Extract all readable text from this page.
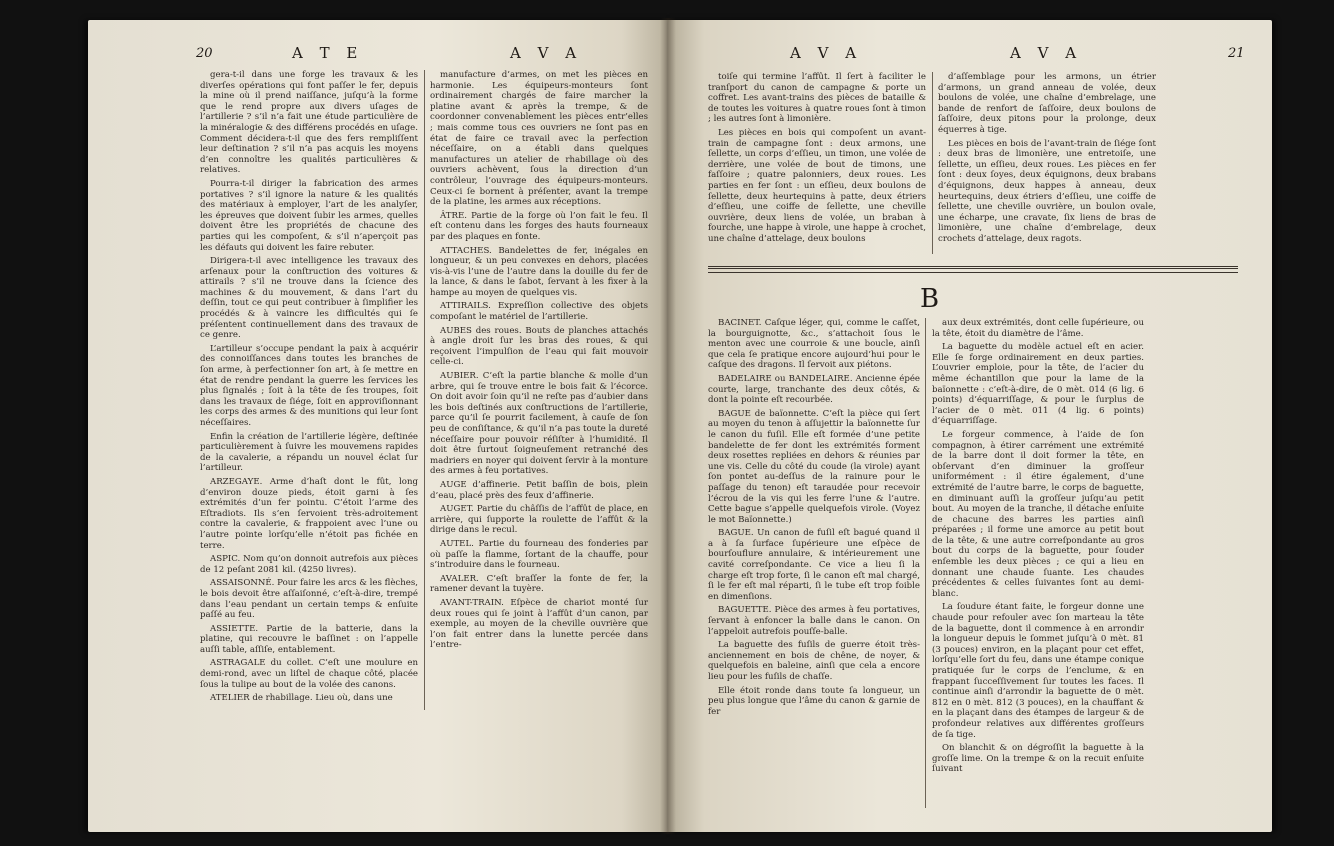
20	A T E	A V A

gera-t-il dans une forge les travaux & les diverſes opérations qui font paſſer le fer, depuis la mine où il prend naiſſance, juſqu’à la forme que le rend propre aux divers uſages de l’artillerie ? s’il n’a fait une étude particulière de la minéralogie & des différens procédés en uſage. Comment décidera-t-il que des fers rempliſſent leur deſtination ? s’il n’a pas acquis les moyens d’en connoître les qualités particulières & relatives.

Pourra-t-il diriger la fabrication des armes portatives ? s’il ignore la nature & les qualités des matériaux à employer, l’art de les analyſer, les épreuves que doivent ſubir les armes, quelles doivent être les propriétés de chacune des parties qui les compoſent, & s’il n’aperçoit pas les défauts qui doivent les faire rebuter.

Dirigera-t-il avec intelligence les travaux des arſenaux pour la conſtruction des voitures & attirails ? s’il ne trouve dans la ſcience des machines & du mouvement, & dans l’art du deſſin, tout ce qui peut contribuer à ſimplifier les procédés & à vaincre les difficultés qui ſe préſentent continuellement dans des travaux de ce genre.

L’artilleur s’occupe pendant la paix à acquérir des connoiſſances dans toutes les branches de ſon arme, à perfectionner ſon art, à ſe mettre en état de rendre pendant la guerre les ſervices les plus ſignalés ; ſoit à la tête de ſes troupes, ſoit dans les travaux de ſiége, ſoit en approviſionnant les corps des armes & des munitions qui leur ſont néceſſaires.

Enfin la création de l’artillerie légère, deſtinée particulièrement à ſuivre les mouvemens rapides de la cavalerie, a répandu un nouvel éclat ſur l’artilleur.

ARZEGAYE. Arme d’haſt dont le fût, long d’environ douze pieds, étoit garni à ſes extrémités d’un fer pointu. C’étoit l’arme des Eſtradiots. Ils s’en ſervoient très-adroitement contre la cavalerie, & frappoient avec l’une ou l’autre pointe lorſqu’elle n’étoit pas fichée en terre.

ASPIC. Nom qu’on donnoit autrefois aux pièces de 12 peſant 2081 kil. (4250 livres).

ASSAISONNÉ. Pour faire les arcs & les flèches, le bois devoit être aſſaiſonné, c’eſt-à-dire, trempé dans l’eau pendant un certain temps & enſuite paſſé au feu.

ASSIETTE. Partie de la batterie, dans la platine, qui recouvre le baſſinet : on l’appelle auſſi table, aſſiſe, entablement.

ASTRAGALE du collet. C’eſt une moulure en demi-rond, avec un liſtel de chaque côté, placée ſous la tulipe au bout de la volée des canons.

ATELIER de rhabillage. Lieu où, dans une

manufacture d’armes, on met les pièces en harmonie. Les équipeurs-monteurs ſont ordinairement chargés de faire marcher la platine avant & après la trempe, & de coordonner convenablement les pièces entr’elles ; mais comme tous ces ouvriers ne ſont pas en état de faire ce travail avec la perfection néceſſaire, on a établi dans quelques manufactures un atelier de rhabillage où des ouvriers achèvent, ſous la direction d’un contrôleur, l’ouvrage des équipeurs-monteurs. Ceux-ci ſe bornent à préſenter, avant la trempe de la platine, les armes aux réceptions.

ÂTRE. Partie de la forge où l’on fait le feu. Il eſt contenu dans les forges des hauts fourneaux par des plaques en fonte.

ATTACHES. Bandelettes de fer, inégales en longueur, & un peu convexes en dehors, placées vis-à-vis l’une de l’autre dans la douille du fer de la lance, & dans le ſabot, ſervant à les fixer à la hampe au moyen de quelques vis.

ATTIRAILS. Expreſſion collective des objets compoſant le matériel de l’artillerie.

AUBES des roues. Bouts de planches attachés à angle droit ſur les bras des roues, & qui reçoivent l’impulſion de l’eau qui fait mouvoir celle-ci.

AUBIER. C’eſt la partie blanche & molle d’un arbre, qui ſe trouve entre le bois fait & l’écorce. On doit avoir ſoin qu’il ne reſte pas d’aubier dans les bois deſtinés aux conſtructions de l’artillerie, parce qu’il ſe pourrit facilement, à cauſe de ſon peu de conſiſtance, & qu’il n’a pas toute la dureté néceſſaire pour pouvoir réſiſter à l’humidité. Il doit être ſurtout ſoigneuſement retranché des madriers en noyer qui doivent ſervir à la monture des armes à feu portatives.

AUGE d’affinerie. Petit baſſin de bois, plein d’eau, placé près des feux d’affinerie.

AUGET. Partie du châſſis de l’affût de place, en arrière, qui ſupporte la roulette de l’affût & la dirige dans le recul.

AUTEL. Partie du fourneau des fonderies par où paſſe la flamme, ſortant de la chauffe, pour s’introduire dans le fourneau.

AVALER. C’eſt braſſer la fonte de fer, la ramener devant la tuyère.

AVANT-TRAIN. Eſpèce de chariot monté ſur deux roues qui ſe joint à l’affût d’un canon, par exemple, au moyen de la cheville ouvrière que l’on fait entrer dans la lunette percée dans l’entre-

A V A	A V A	21

toiſe qui termine l’affût. Il ſert à faciliter le tranſport du canon de campagne & porte un coffret. Les avant-trains des pièces de bataille & de toutes les voitures à quatre roues ſont à timon ; les autres ſont à limonière.

Les pièces en bois qui compoſent un avant-train de campagne ſont : deux armons, une ſellette, un corps d’eſſieu, un timon, une volée de derrière, une volée de bout de timons, une faſſoire ; quatre palonniers, deux roues. Les parties en fer ſont : un eſſieu, deux boulons de ſellette, deux heurtequins à patte, deux étriers d’eſſieu, une coiffe de ſellette, une cheville ouvrière, deux liens de volée, un braban à fourche, une happe à virole, une happe à crochet, une chaîne d’attelage, deux boulons

d’aſſemblage pour les armons, un étrier d’armons, un grand anneau de volée, deux boulons de volée, une chaîne d’embrelage, une bande de renfort de ſaſſoire, deux boulons de ſaſſoire, deux pitons pour la prolonge, deux équerres à tige.

Les pièces en bois de l’avant-train de ſiége ſont : deux bras de limonière, une entretoiſe, une ſellette, un eſſieu, deux roues. Les pièces en fer ſont : deux ſoyes, deux équignons, deux brabans d’équignons, deux happes à anneau, deux heurtequins, deux étriers d’eſſieu, une coiffe de ſellette, une cheville ouvrière, un boulon ovale, une écharpe, une cravate, ſix liens de bras de limonière, une chaîne d’embrelage, deux crochets d’attelage, deux ragots.

B

BACINET. Caſque léger, qui, comme le caſſet, la bourguignotte, &c., s’attachoit ſous le menton avec une courroie & une boucle, ainſi que cela ſe pratique encore aujourd’hui pour le caſque des dragons. Il ſervoit aux piétons.

BADELAIRE ou BANDELAIRE. Ancienne épée courte, large, tranchante des deux côtés, & dont la pointe eſt recourbée.

BAGUE de baïonnette. C’eſt la pièce qui ſert au moyen du tenon à aſſujettir la baïonnette ſur le canon du fuſil. Elle eſt formée d’une petite bandelette de fer dont les extrémités forment deux rosettes repliées en dehors & réunies par une vis. Celle du côté du coude (la virole) ayant ſon pontet au-deſſus de la rainure pour le paſſage du tenon) eſt taraudée pour recevoir l’écrou de la vis qui les ferre l’une & l’autre. Cette bague s’appelle quelquefois virole. (Voyez le mot Baïonnette.)

BAGUE. Un canon de fuſil eſt bagué quand il a à ſa ſurface ſupérieure une eſpèce de bourſouflure annulaire, & intérieurement une cavité correſpondante. Ce vice a lieu ſi la charge eſt trop forte, ſi le canon eſt mal chargé, ſi le fer eſt mal réparti, ſi le tube eſt trop foible en dimenſions.

BAGUETTE. Pièce des armes à feu portatives, ſervant à enfoncer la balle dans le canon. On l’appeloit autrefois pouſſe-balle.

La baguette des fuſils de guerre étoit très-anciennement en bois de chêne, de noyer, & quelquefois en baleine, ainſi que cela a encore lieu pour les fuſils de chaſſe.

Elle étoit ronde dans toute ſa longueur, un peu plus longue que l’âme du canon & garnie de fer

aux deux extrémités, dont celle ſupérieure, ou la tête, étoit du diamètre de l’âme.

La baguette du modèle actuel eſt en acier. Elle ſe forge ordinairement en deux parties. L’ouvrier emploie, pour la tête, de l’acier du même échantillon que pour la lame de la baïonnette : c’eſt-à-dire, de 0 mèt. 014 (6 lig. 6 points) d’équarriſſage, & pour le ſurplus de l’acier de 0 mèt. 011 (4 lig. 6 points) d’équarriſſage.

Le forgeur commence, à l’aide de ſon compagnon, à étirer carrément une extrémité de la barre dont il doit former la tête, en obſervant d’en diminuer la groſſeur uniformément : il étire également, d’une extrémité de l’autre barre, le corps de baguette, en diminuant auſſi la groſſeur juſqu’au petit bout. Au moyen de la tranche, il détache enſuite de chacune des barres les parties ainſi préparées ; il forme une amorce au petit bout de la tête, & une autre correſpondante au gros bout du corps de la baguette, pour ſouder enſemble les deux pièces ; ce qui a lieu en donnant une chaude ſuante. Les chaudes précédentes & celles ſuivantes ſont au demi-blanc.

La ſoudure étant faite, le forgeur donne une chaude pour refouler avec ſon marteau la tête de la baguette, dont il commence à en arrondir la longueur depuis le ſommet juſqu’à 0 mèt. 81 (3 pouces) environ, en la plaçant pour cet effet, lorſqu’elle ſort du feu, dans une étampe conique pratiquée ſur le corps de l’enclume, & en frappant ſucceſſivement ſur toutes les faces. Il continue ainſi d’arrondir la baguette de 0 mèt. 812 en 0 mèt. 812 (3 pouces), en la chauffant & en la plaçant dans des étampes de largeur & de profondeur relatives aux différentes groſſeurs de ſa tige.

On blanchit & on dégroſſit la baguette à la groſſe lime. On la trempe & on la recuit enſuite ſuivant
